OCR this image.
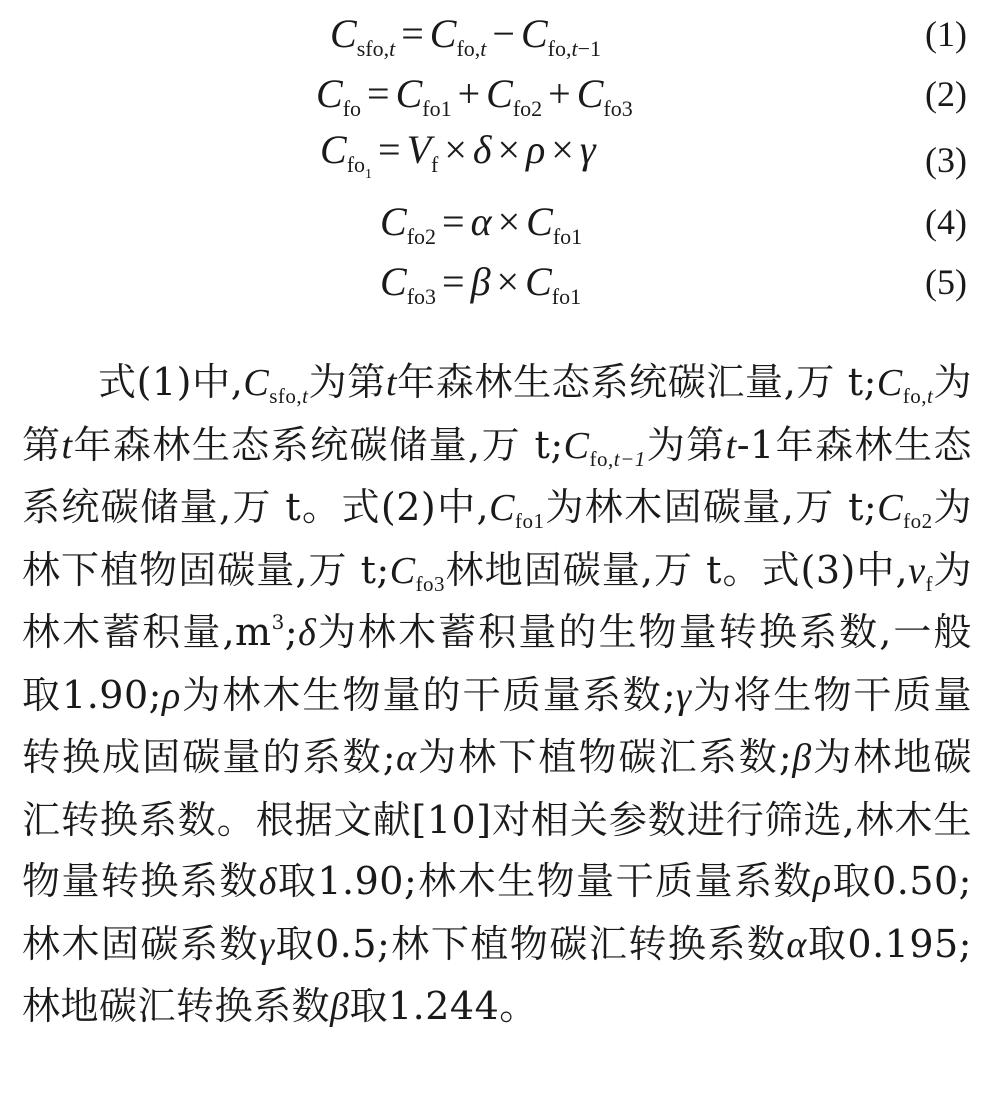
$C_{sfo,t} = C_{fo,t} - C_{fo,t-1}$	(1)
$C_{fo} = C_{fo1} + C_{fo2} + C_{fo3}$	(2)
$C_{fo_1}= V_f \times \delta \times \rho \times \gamma$	(3)
$C_{fo2} = \alpha \times C_{fo1}$	(4)
$C_{fo3} = \beta \times C_{fo1}$	(5)

式(1)中$,C_{sfo,t}$为第t年森林生态系统碳汇量,万 $t;C_{fo,t}$为第t年森林生态系统碳储量,万 $t;C_{fo,t-1}$为第t-1年森林生态系统碳储量,万 t。式(2)中$,C_{fo1}$为林木固碳量,万 $t;C_{fo2}$为林下植物固碳量,万 $t;C_{fo3}$林地固碳量,万 t。式(3)中$,v_f$为林木蓄积量$,m^3;\delta$为林木蓄积量的生物量转换系数,一般取1.90;ρ为林木生物量的干质量系数;γ为将生物干质量转换成固碳量的系数;α为林下植物碳汇系数;β为林地碳汇转换系数。根据文献[10]对相关参数进行筛选,林木生物量转换系数δ取1.90;林木生物量干质量系数ρ取0.50;林木固碳系数γ取0.5;林下植物碳汇转换系数α取0.195;林地碳汇转换系数β取1.244。
